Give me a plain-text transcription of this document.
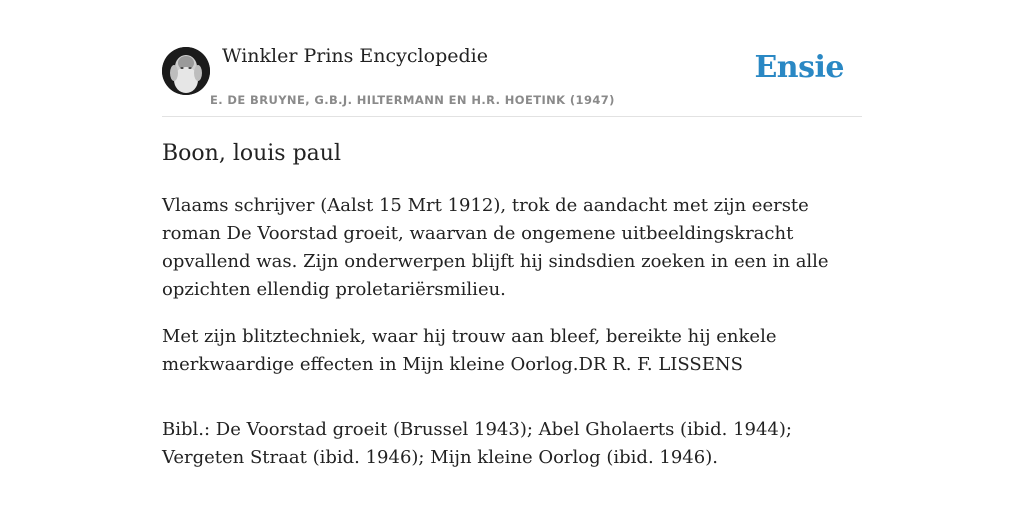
Winkler Prins Encyclopedie
E. DE BRUYNE, G.B.J. HILTERMANN EN H.R. HOETINK (1947)
Ensie
Boon, louis paul

Vlaams schrijver (Aalst 15 Mrt 1912), trok de aandacht met zijn eerste roman De Voorstad groeit, waarvan de ongemene uitbeeldingskracht opvallend was. Zijn onderwerpen blijft hij sindsdien zoeken in een in alle opzichten ellendig proletariërsmilieu.

Met zijn blitztechniek, waar hij trouw aan bleef, bereikte hij enkele merkwaardige effecten in Mijn kleine Oorlog.DR R. F. LISSENS

Bibl.: De Voorstad groeit (Brussel 1943); Abel Gholaerts (ibid. 1944); Vergeten Straat (ibid. 1946); Mijn kleine Oorlog (ibid. 1946).
